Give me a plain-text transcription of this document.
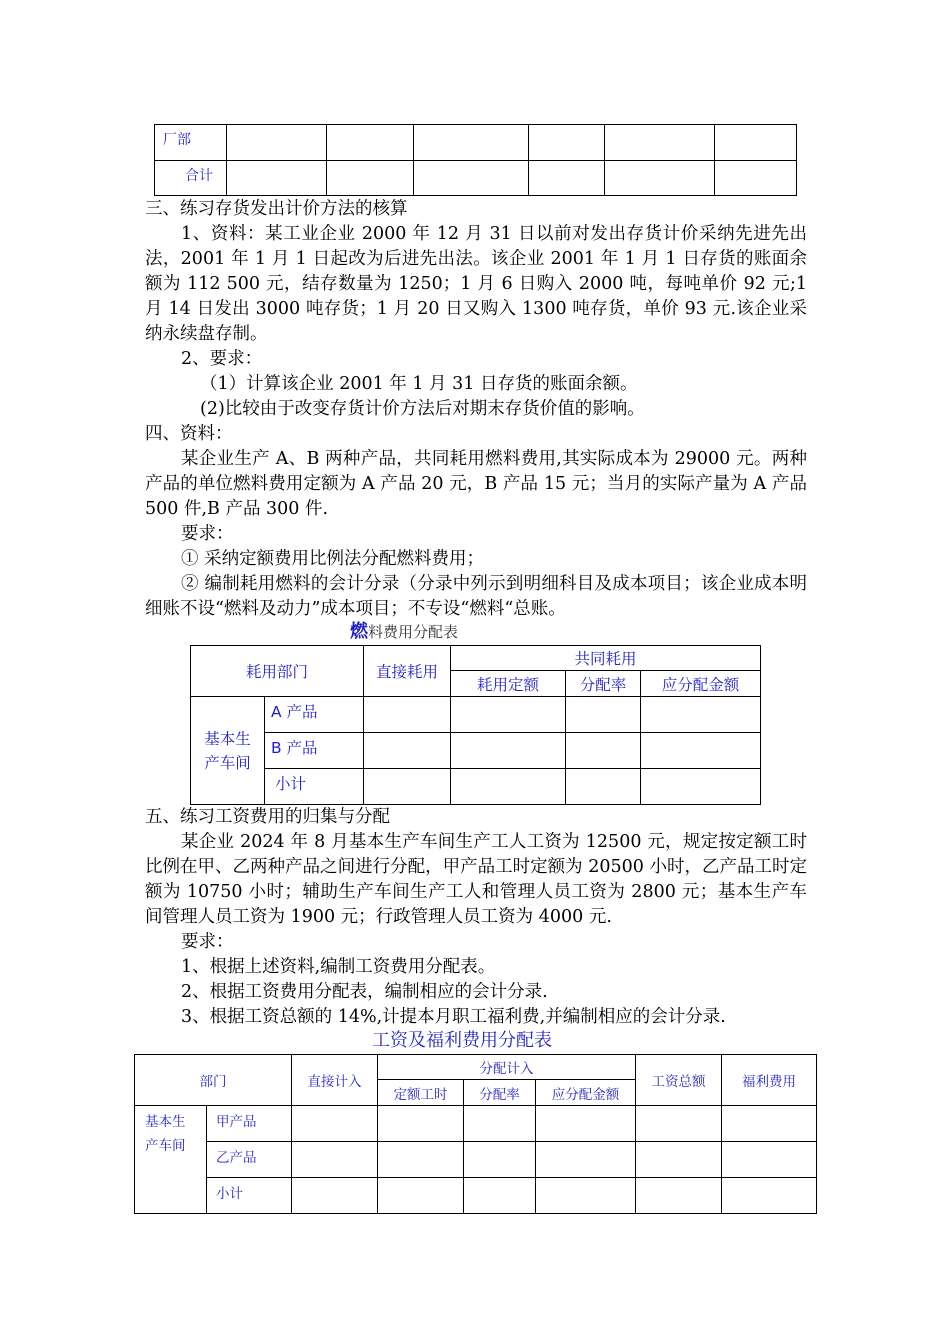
厂部						
合计						
三、练习存货发出计价方法的核算
1、资料：某工业企业 2000 年 12 月 31 日以前对发出存货计价采纳先进先出法，2001 年 1 月 1 日起改为后进先出法。该企业 2001 年 1 月 1 日存货的账面余额为 112 500 元，结存数量为 1250；1 月 6 日购入 2000 吨，每吨单价 92 元;1 月 14 日发出 3000 吨存货；1 月 20 日又购入 1300 吨存货，单价 93 元.该企业采纳永续盘存制。
2、要求：
（1）计算该企业 2001 年 1 月 31 日存货的账面余额。
(2)比较由于改变存货计价方法后对期末存货价值的影响。
四、资料：
某企业生产 A、B 两种产品，共同耗用燃料费用,其实际成本为 29000 元。两种产品的单位燃料费用定额为 A 产品 20 元，B 产品 15 元；当月的实际产量为 A 产品 500 件,B 产品 300 件.
要求：
① 采纳定额费用比例法分配燃料费用；
② 编制耗用燃料的会计分录（分录中列示到明细科目及成本项目；该企业成本明细账不设“燃料及动力”成本项目；不专设“燃料“总账。
燃料费用分配表
耗用部门		直接耗用	共同耗用		
			耗用定额	分配率	应分配金额
基本生产车间	A 产品				
	B 产品				
	小计				
五、练习工资费用的归集与分配
某企业 2024 年 8 月基本生产车间生产工人工资为 12500 元，规定按定额工时比例在甲、乙两种产品之间进行分配，甲产品工时定额为 20500 小时，乙产品工时定额为 10750 小时；辅助生产车间生产工人和管理人员工资为 2800 元；基本生产车间管理人员工资为 1900 元；行政管理人员工资为 4000 元.
要求：
1、根据上述资料,编制工资费用分配表。
2、根据工资费用分配表，编制相应的会计分录.
3、根据工资总额的 14%,计提本月职工福利费,并编制相应的会计分录.
工资及福利费用分配表
部门		直接计入	分配计入			工资总额	福利费用
			定额工时	分配率	应分配金额		
基本生产车间	甲产品						
	乙产品						
	小计						
